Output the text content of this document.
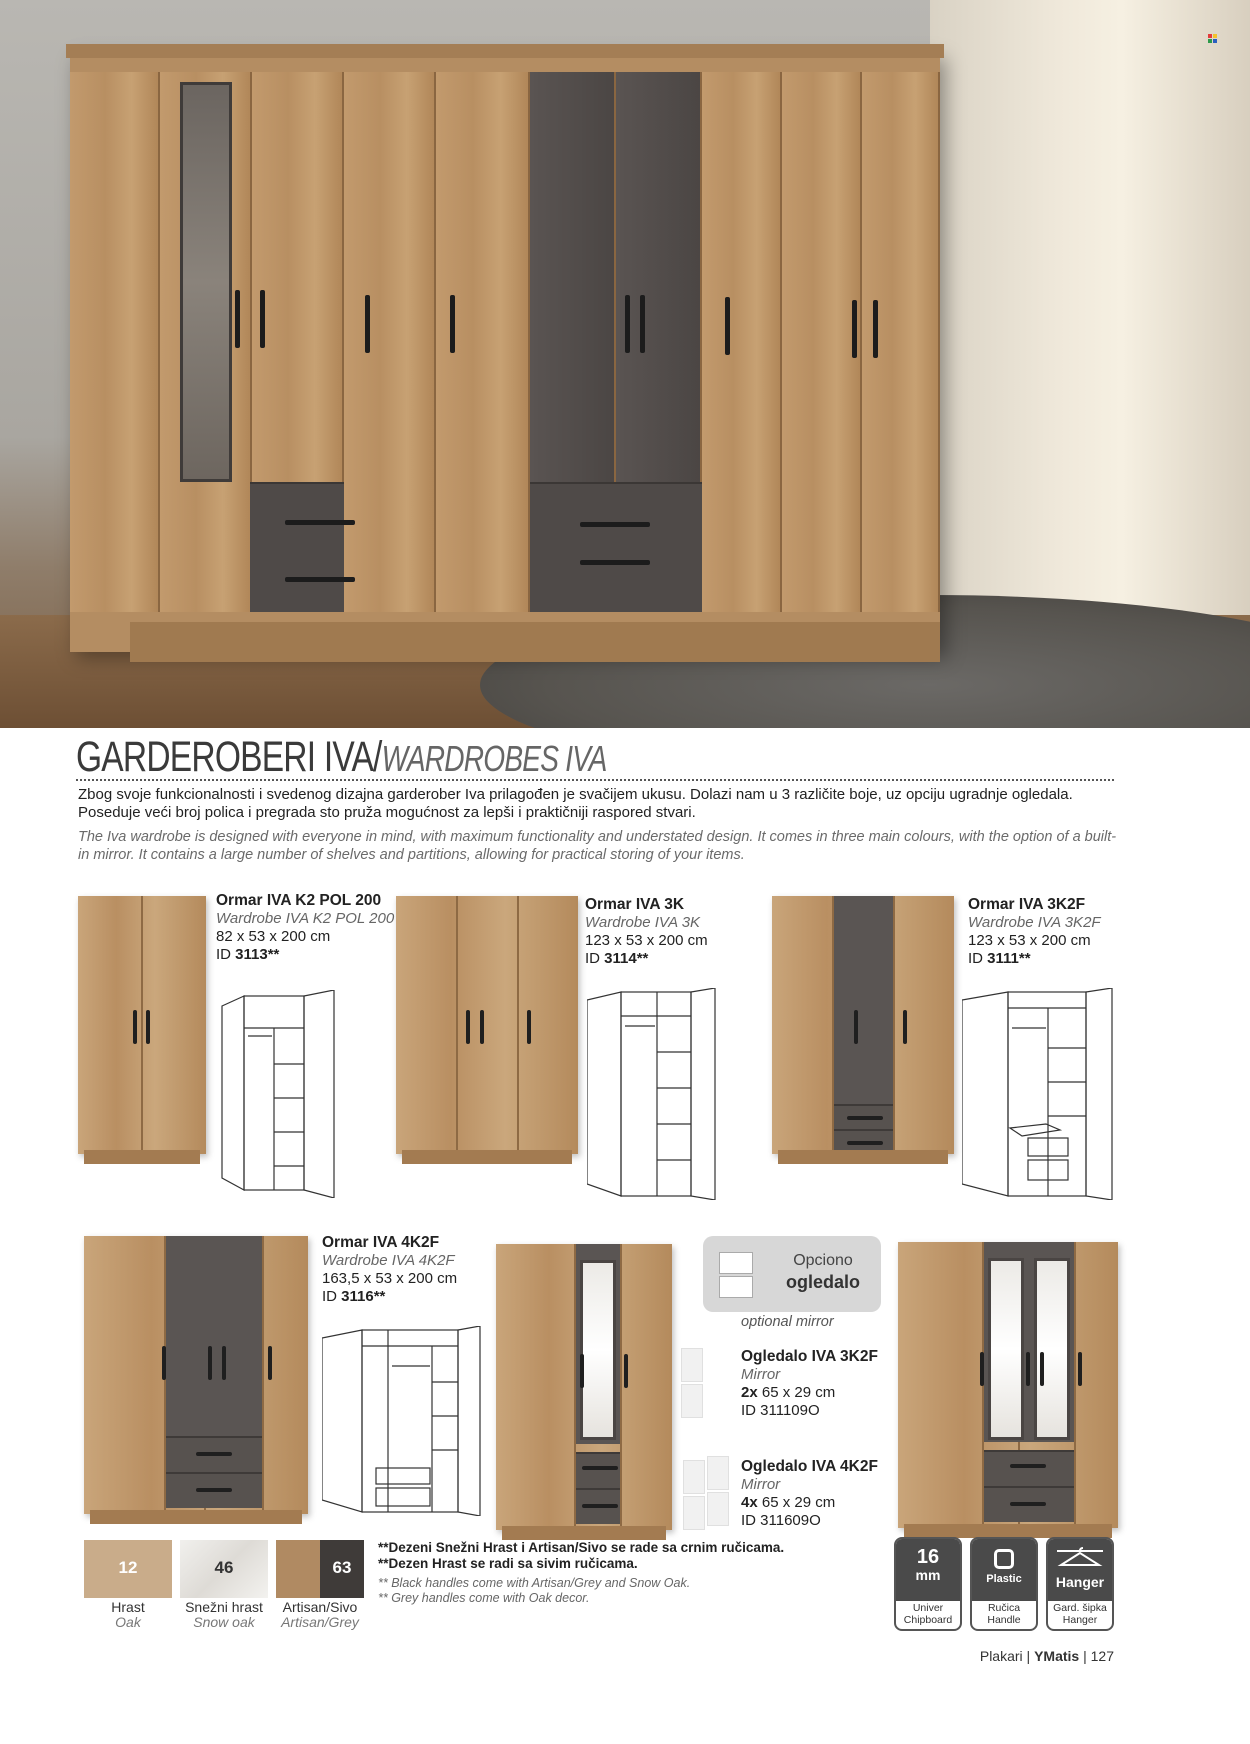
GARDEROBERI IVA/WARDROBES IVA

Zbog svoje funkcionalnosti i svedenog dizajna garderober Iva prilagođen je svačijem ukusu. Dolazi nam u 3 različite boje, uz opciju ugradnje ogledala. Poseduje veći broj polica i pregrada sto pruža mogućnost za lepši i praktičniji raspored stvari.

The Iva wardrobe is designed with everyone in mind, with maximum functionality and understated design. It comes in three main colours, with the option of a built-in mirror. It contains a large number of shelves and partitions, allowing for practical storing of your items.

Ormar IVA K2 POL 200
Wardrobe IVA K2 POL 200
82 x 53 x 200 cm
ID 3113**
Ormar IVA 3K
Wardrobe IVA 3K
123 x 53 x 200 cm
ID 3114**
Ormar IVA 3K2F
Wardrobe IVA 3K2F
123 x 53 x 200 cm
ID 3111**
Ormar IVA 4K2F
Wardrobe IVA 4K2F
163,5 x 53 x 200 cm
ID 3116**
Opciono
ogledalo
optional mirror
Ogledalo IVA 3K2F
Mirror
2x 65 x 29 cm
ID 311109O
Ogledalo IVA 4K2F
Mirror
4x 65 x 29 cm
ID 311609O
12	46	63
Hrast
Oak
Snežni hrast
Snow oak
Artisan/Sivo
Artisan/Grey
**Dezeni Snežni Hrast i Artisan/Sivo se rade sa crnim ručicama.
**Dezen Hrast se radi sa sivim ručicama.
** Black handles come with Artisan/Grey and Snow Oak.
** Grey handles come with Oak decor.
16
mm
Univer
Chipboard
Plastic
Ručica
Handle
Hanger
Gard. šipka
Hanger
Plakari | YMatis | 127
